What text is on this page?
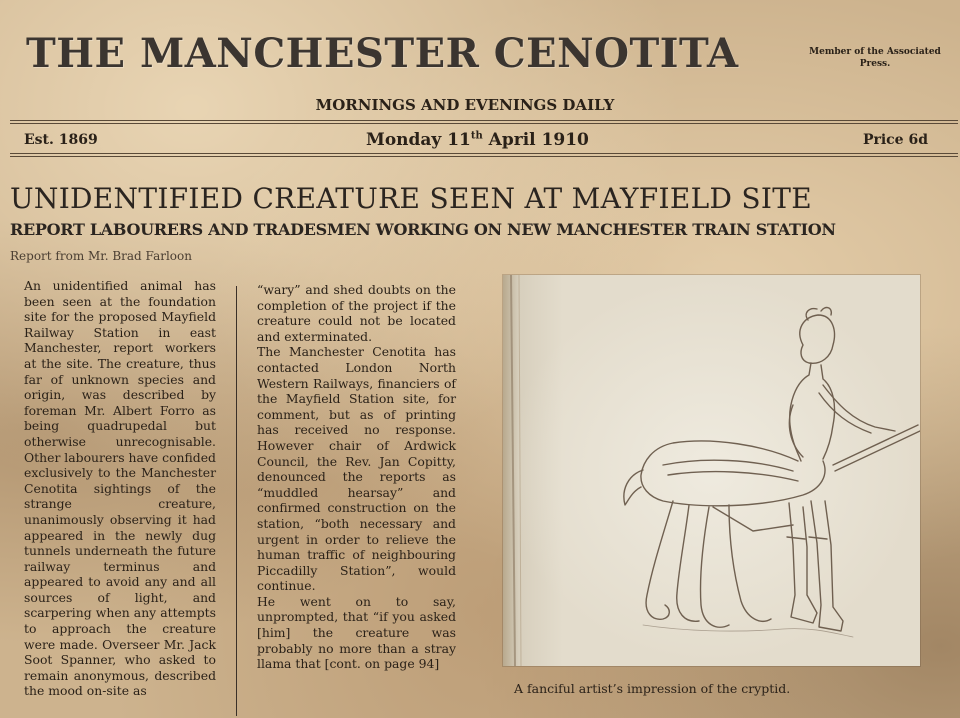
THE MANCHESTER CENOTITA	Member of the Associated Press.
MORNINGS AND EVENINGS DAILY
Est. 1869	Monday 11th April 1910	Price 6d
UNIDENTIFIED CREATURE SEEN AT MAYFIELD SITE
REPORT LABOURERS AND TRADESMEN WORKING ON NEW MANCHESTER TRAIN STATION
Report from Mr. Brad Farloon

An unidentified animal has been seen at the foundation site for the proposed Mayfield Railway Station in east Manchester, report workers at the site. The creature, thus far of unknown species and origin, was described by foreman Mr. Albert Forro as being quadrupedal but otherwise unrecognisable. Other labourers have confided exclusively to the Manchester Cenotita sightings of the strange creature, unanimously observing it had appeared in the newly dug tunnels underneath the future railway terminus and appeared to avoid any and all sources of light, and scarpering when any attempts to approach the creature were made. Overseer Mr. Jack Soot Spanner, who asked to remain anonymous, described the mood on-site as

“wary” and shed doubts on the completion of the project if the creature could not be located and exterminated.

The Manchester Cenotita has contacted London North Western Railways, financiers of the Mayfield Station site, for comment, but as of printing has received no response. However chair of Ardwick Council, the Rev. Jan Copitty, denounced the reports as “muddled hearsay” and confirmed construction on the station, “both necessary and urgent in order to relieve the human traffic of neighbouring Piccadilly Station”, would continue.

He went on to say, unprompted, that “if you asked [him] the creature was probably no more than a stray llama that [cont. on page 94]

A fanciful artist’s impression of the cryptid.
